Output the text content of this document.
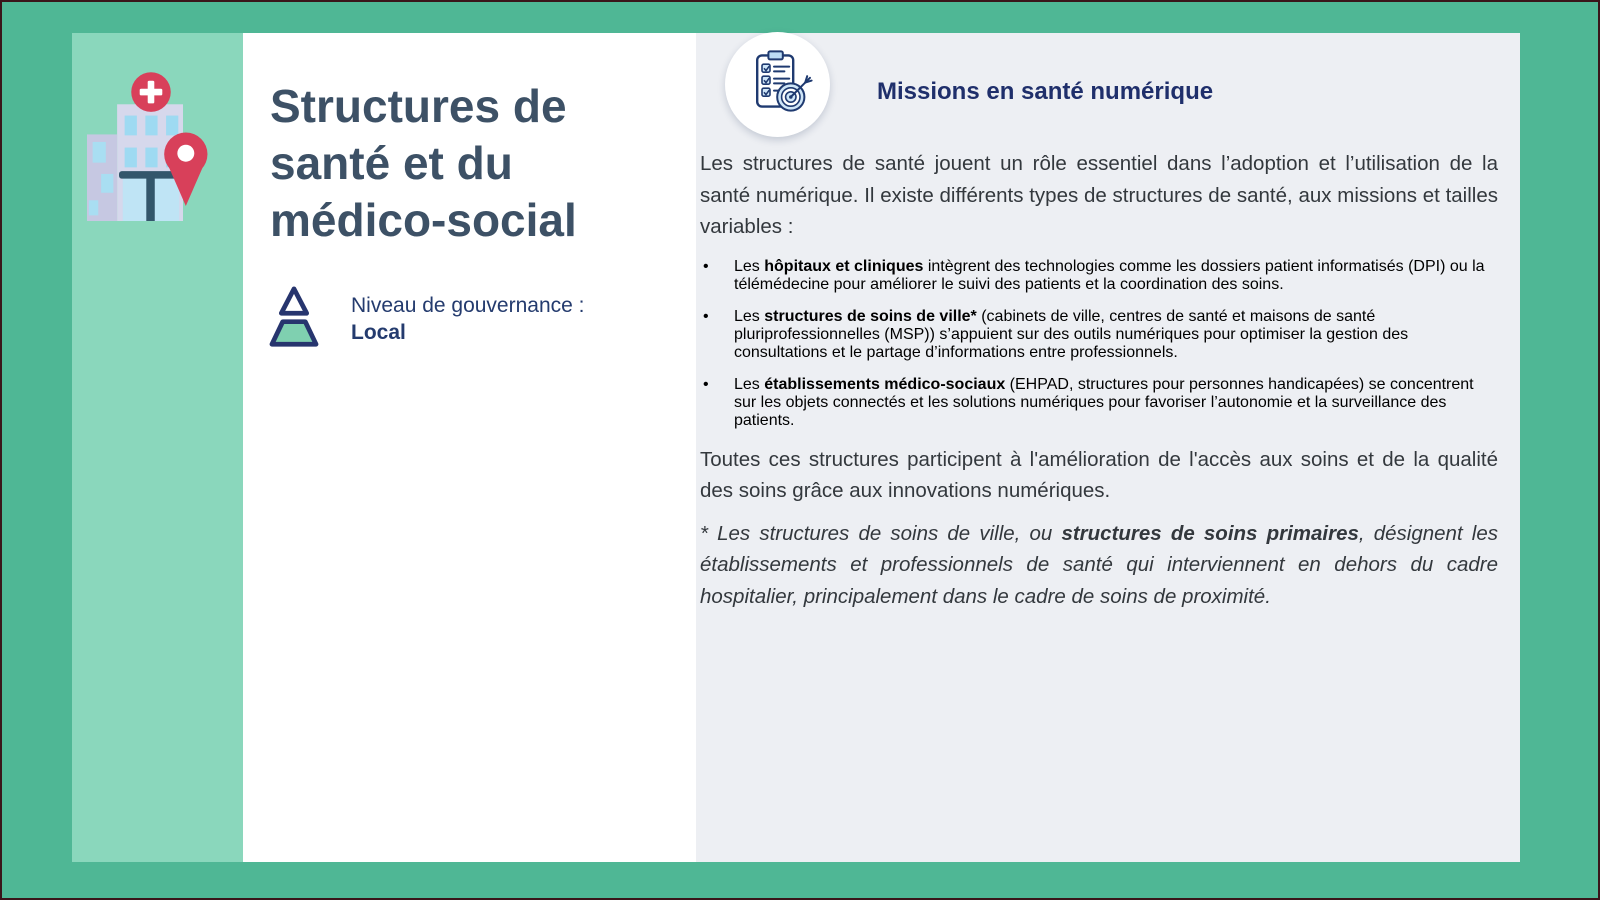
Structures de
santé et du
médico-social
Niveau de gouvernance :
Local
Missions en santé numérique

Les structures de santé jouent un rôle essentiel dans l’adoption et l’utilisation de la santé numérique. Il existe différents types de structures de santé, aux missions et tailles variables :

• Les hôpitaux et cliniques intègrent des technologies comme les dossiers patient informatisés (DPI) ou la télémédecine pour améliorer le suivi des patients et la coordination des soins.
• Les structures de soins de ville* (cabinets de ville, centres de santé et maisons de santé pluriprofessionnelles (MSP)) s’appuient sur des outils numériques pour optimiser la gestion des consultations et le partage d’informations entre professionnels.
• Les établissements médico-sociaux (EHPAD, structures pour personnes handicapées) se concentrent sur les objets connectés et les solutions numériques pour favoriser l’autonomie et la surveillance des patients.

Toutes ces structures participent à l'amélioration de l'accès aux soins et de la qualité des soins grâce aux innovations numériques.

* Les structures de soins de ville, ou structures de soins primaires, désignent les établissements et professionnels de santé qui interviennent en dehors du cadre hospitalier, principalement dans le cadre de soins de proximité.
